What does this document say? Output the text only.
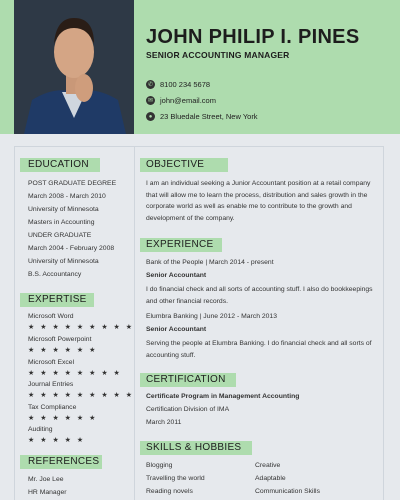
JOHN PHILIP I. PINES
SENIOR ACCOUNTING MANAGER
✆ 8100 234 5678
✉ john@email.com
●	23 Bluedale Street, New York
EDUCATION
POST GRADUATE DEGREE
March 2008 - March 2010
University of Minnesota
Masters in Accounting
UNDER GRADUATE
March 2004 - February 2008
University of Minnesota
B.S. Accountancy
EXPERTISE
Microsoft Word
★ ★ ★ ★ ★ ★ ★ ★ ★
Microsoft Powerpoint
★ ★ ★ ★ ★ ★
Microsoft Excel
★ ★ ★ ★ ★ ★ ★ ★
Journal Entries
★ ★ ★ ★ ★ ★ ★ ★ ★
Tax Compliance
★ ★ ★ ★ ★ ★
Auditing
★ ★ ★ ★ ★
REFERENCES
Mr. Joe Lee
HR Manager
OBJECTIVE
I am an individual seeking a Junior Accountant position at a retail company that will allow me to learn the process, distribution and sales growth in the corporate world as well as enable me to contribute to the growth and development of the company.
EXPERIENCE
Bank of the People | March 2014 - present
Senior Accountant
I do financial check and all sorts of accounting stuff. I also do bookkeepings and other financial records.
Elumbra Banking | June 2012 - March 2013
Senior Accountant
Serving the people at Elumbra Banking. I do financial check and all sorts of accounting stuff.
CERTIFICATION
Certificate Program in Management Accounting
Certification Division of IMA
March 2011
SKILLS & HOBBIES
Blogging
Travelling the world
Reading novels
Creative
Adaptable
Communication Skills
